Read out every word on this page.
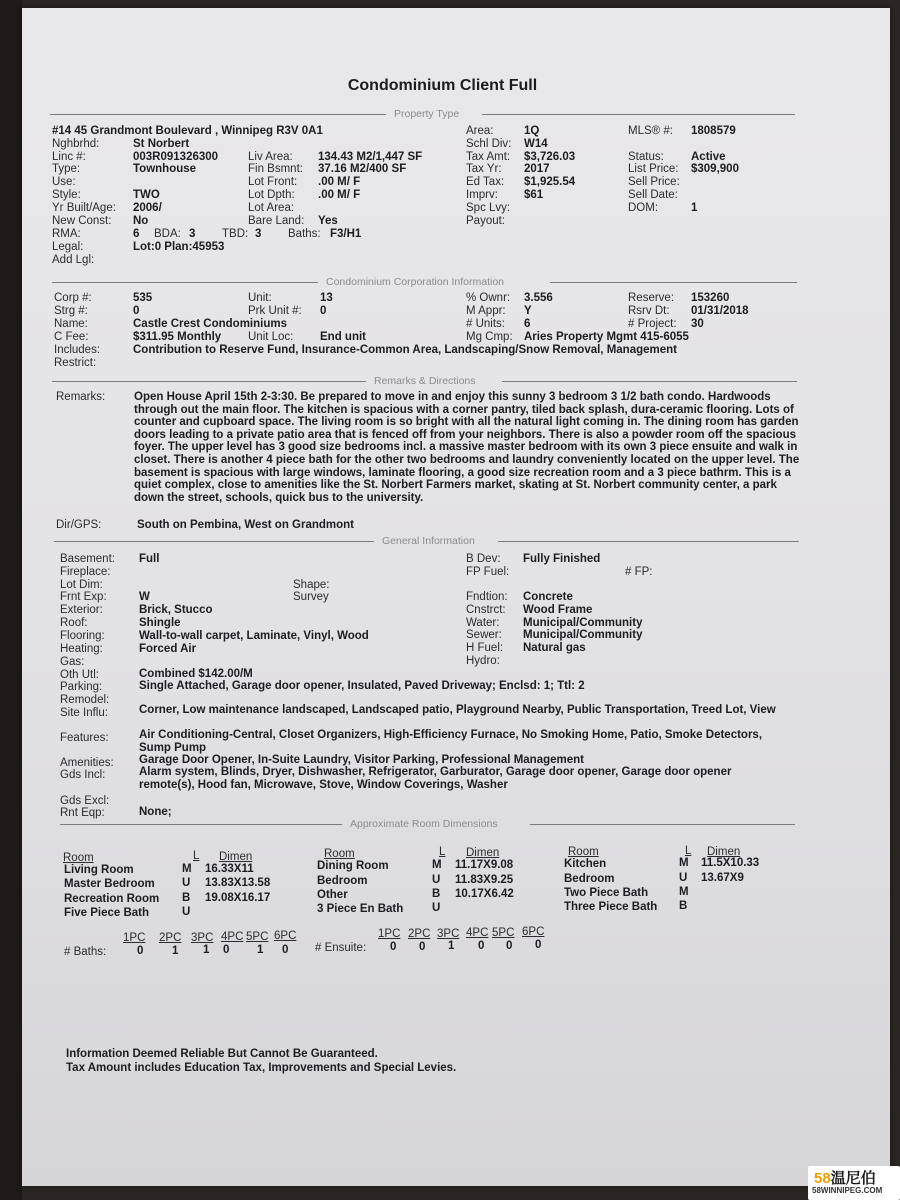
Condominium Client Full
Property Type
#14 45 Grandmont Boulevard , Winnipeg R3V 0A1
Nghbrhd:	St Norbert
Linc #:	003R091326300
Type:	Townhouse
Use:
Style:	TWO
Yr Built/Age: 2006/
New Const: No
RMA:	6 BDA: 3 TBD: 3 Baths: F3/H1
Legal:	Lot:0 Plan:45953
Add Lgl:
Liv Area: 134.43 M2/1,447 SF
Fin Bsmnt: 37.16 M2/400 SF
Lot Front: .00 M/ F
Lot Dpth: .00 M/ F
Lot Area:
Bare Land: Yes
Area:	1Q
Schl Div: W14
Tax Amt: $3,726.03
Tax Yr: 2017
Ed Tax: $1,925.54
Imprv: $61
Spc Lvy:
Payout:
MLS® #: 1808579
Status: Active
List Price: $309,900
Sell Price:
Sell Date:
DOM:	1
Condominium Corporation Information
Corp #:	535
Strg #:	0
Name:	Castle Crest Condominiums
C Fee:	$311.95 Monthly
Includes:	Contribution to Reserve Fund, Insurance-Common Area, Landscaping/Snow Removal, Management
Restrict:
Unit:	13
Prk Unit #: 0
Unit Loc: End unit
% Ownr: 3.556
M Appr: Y
# Units: 6
Mg Cmp: Aries Property Mgmt 415-6055
Reserve: 153260
Rsrv Dt: 01/31/2018
# Project: 30
Remarks & Directions
Remarks:	Open House April 15th 2-3:30. Be prepared to move in and enjoy this sunny 3 bedroom 3 1/2 bath condo. Hardwoods through out the main floor. The kitchen is spacious with a corner pantry, tiled back splash, dura-ceramic flooring. Lots of counter and cupboard space. The living room is so bright with all the natural light coming in. The dining room has garden doors leading to a private patio area that is fenced off from your neighbors. There is also a powder room off the spacious foyer. The upper level has 3 good size bedrooms incl. a massive master bedroom with its own 3 piece ensuite and walk in closet. There is another 4 piece bath for the other two bedrooms and laundry conveniently located on the upper level. The basement is spacious with large windows, laminate flooring, a good size recreation room and a 3 piece bathrm. This is a quiet complex, close to amenities like the St. Norbert Farmers market, skating at St. Norbert community center, a park down the street, schools, quick bus to the university.
Dir/GPS:	South on Pembina, West on Grandmont
General Information
Basement: Full
Fireplace:
Lot Dim:	Shape:
Frnt Exp:	W	Survey
Exterior:	Brick, Stucco
Roof:	Shingle
Flooring:	Wall-to-wall carpet, Laminate, Vinyl, Wood
Heating:	Forced Air
Gas:
Oth Utl:	Combined $142.00/M
Parking:	Single Attached, Garage door opener, Insulated, Paved Driveway; Enclsd: 1; Ttl: 2
Remodel:
Site Influ:	Corner, Low maintenance landscaped, Landscaped patio, Playground Nearby, Public Transportation, Treed Lot, View
Features:	Air Conditioning-Central, Closet Organizers, High-Efficiency Furnace, No Smoking Home, Patio, Smoke Detectors, Sump Pump
Amenities: Garage Door Opener, In-Suite Laundry, Visitor Parking, Professional Management
Gds Incl:	Alarm system, Blinds, Dryer, Dishwasher, Refrigerator, Garburator, Garage door opener, Garage door opener remote(s), Hood fan, Microwave, Stove, Window Coverings, Washer
Gds Excl:
Rnt Eqp:	None;
B Dev: Fully Finished
FP Fuel:	# FP:
Fndtion: Concrete
Cnstrct: Wood Frame
Water: Municipal/Community
Sewer: Municipal/Community
H Fuel: Natural gas
Hydro:
Approximate Room Dimensions
Room	L Dimen
Living Room	M 16.33X11
Master Bedroom U 13.83X13.58
Recreation Room B 19.08X16.17
Five Piece Bath	U
Room	L Dimen
Dining Room	M 11.17X9.08
Bedroom	U 11.83X9.25
Other	B 10.17X6.42
3 Piece En Bath U
Room	L Dimen
Kitchen	M 11.5X10.33
Bedroom	U 13.67X9
Two Piece Bath	M
Three Piece Bath B
1PC 2PC 3PC 4PC 5PC 6PC
# Baths:	0 1 1 0 1 0
1PC 2PC 3PC 4PC 5PC 6PC
# Ensuite: 0 0 1 0 0 0
Information Deemed Reliable But Cannot Be Guaranteed.
Tax Amount includes Education Tax, Improvements and Special Levies.
58温尼伯
58WINNIPEG.COM
